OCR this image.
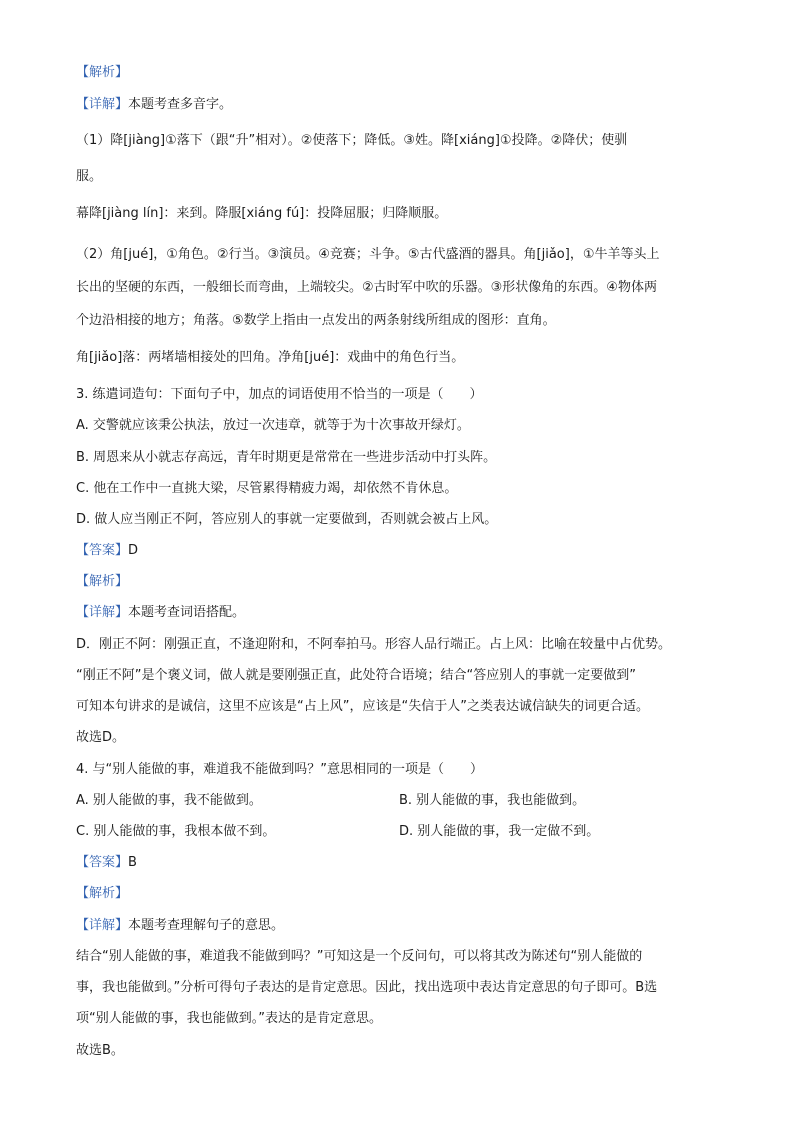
【解析】
【详解】本题考查多音字。
（1）降[jiàng]①落下（跟“升”相对）。②使落下；降低。③姓。降[xiáng]①投降。②降伏；使驯
服。
幕降[jiàng lín]：来到。降服[xiáng fú]：投降屈服；归降顺服。
（2）角[jué]，①角色。②行当。③演员。④竞赛；斗争。⑤古代盛酒的器具。角[jiǎo]，①牛羊等头上
长出的坚硬的东西，一般细长而弯曲，上端较尖。②古时军中吹的乐器。③形状像角的东西。④物体两
个边沿相接的地方；角落。⑤数学上指由一点发出的两条射线所组成的图形：直角。
角[jiǎo]落：两堵墙相接处的凹角。净角[jué]：戏曲中的角色行当。
3. 练遣词造句：下面句子中，加点的词语使用不恰当的一项是（　　）
A. 交警就应该秉公执法，放过一次违章，就等于为十次事故开绿灯。
B. 周恩来从小就志存高远，青年时期更是常常在一些进步活动中打头阵。
C. 他在工作中一直挑大梁，尽管累得精疲力竭，却依然不肯休息。
D. 做人应当刚正不阿，答应别人的事就一定要做到，否则就会被占上风。
【答案】D
【解析】
【详解】本题考查词语搭配。
D．刚正不阿：刚强正直，不逢迎附和，不阿奉拍马。形容人品行端正。占上风：比喻在较量中占优势。
“刚正不阿”是个褒义词，做人就是要刚强正直，此处符合语境；结合“答应别人的事就一定要做到”
可知本句讲求的是诚信，这里不应该是“占上风”，应该是“失信于人”之类表达诚信缺失的词更合适。
故选D。
4. 与“别人能做的事，难道我不能做到吗？”意思相同的一项是（　　）
A. 别人能做的事，我不能做到。	B. 别人能做的事，我也能做到。
C. 别人能做的事，我根本做不到。	D. 别人能做的事，我一定做不到。
【答案】B
【解析】
【详解】本题考查理解句子的意思。
结合“别人能做的事，难道我不能做到吗？”可知这是一个反问句，可以将其改为陈述句“别人能做的
事，我也能做到。”分析可得句子表达的是肯定意思。因此，找出选项中表达肯定意思的句子即可。B选
项“别人能做的事，我也能做到。”表达的是肯定意思。
故选B。
